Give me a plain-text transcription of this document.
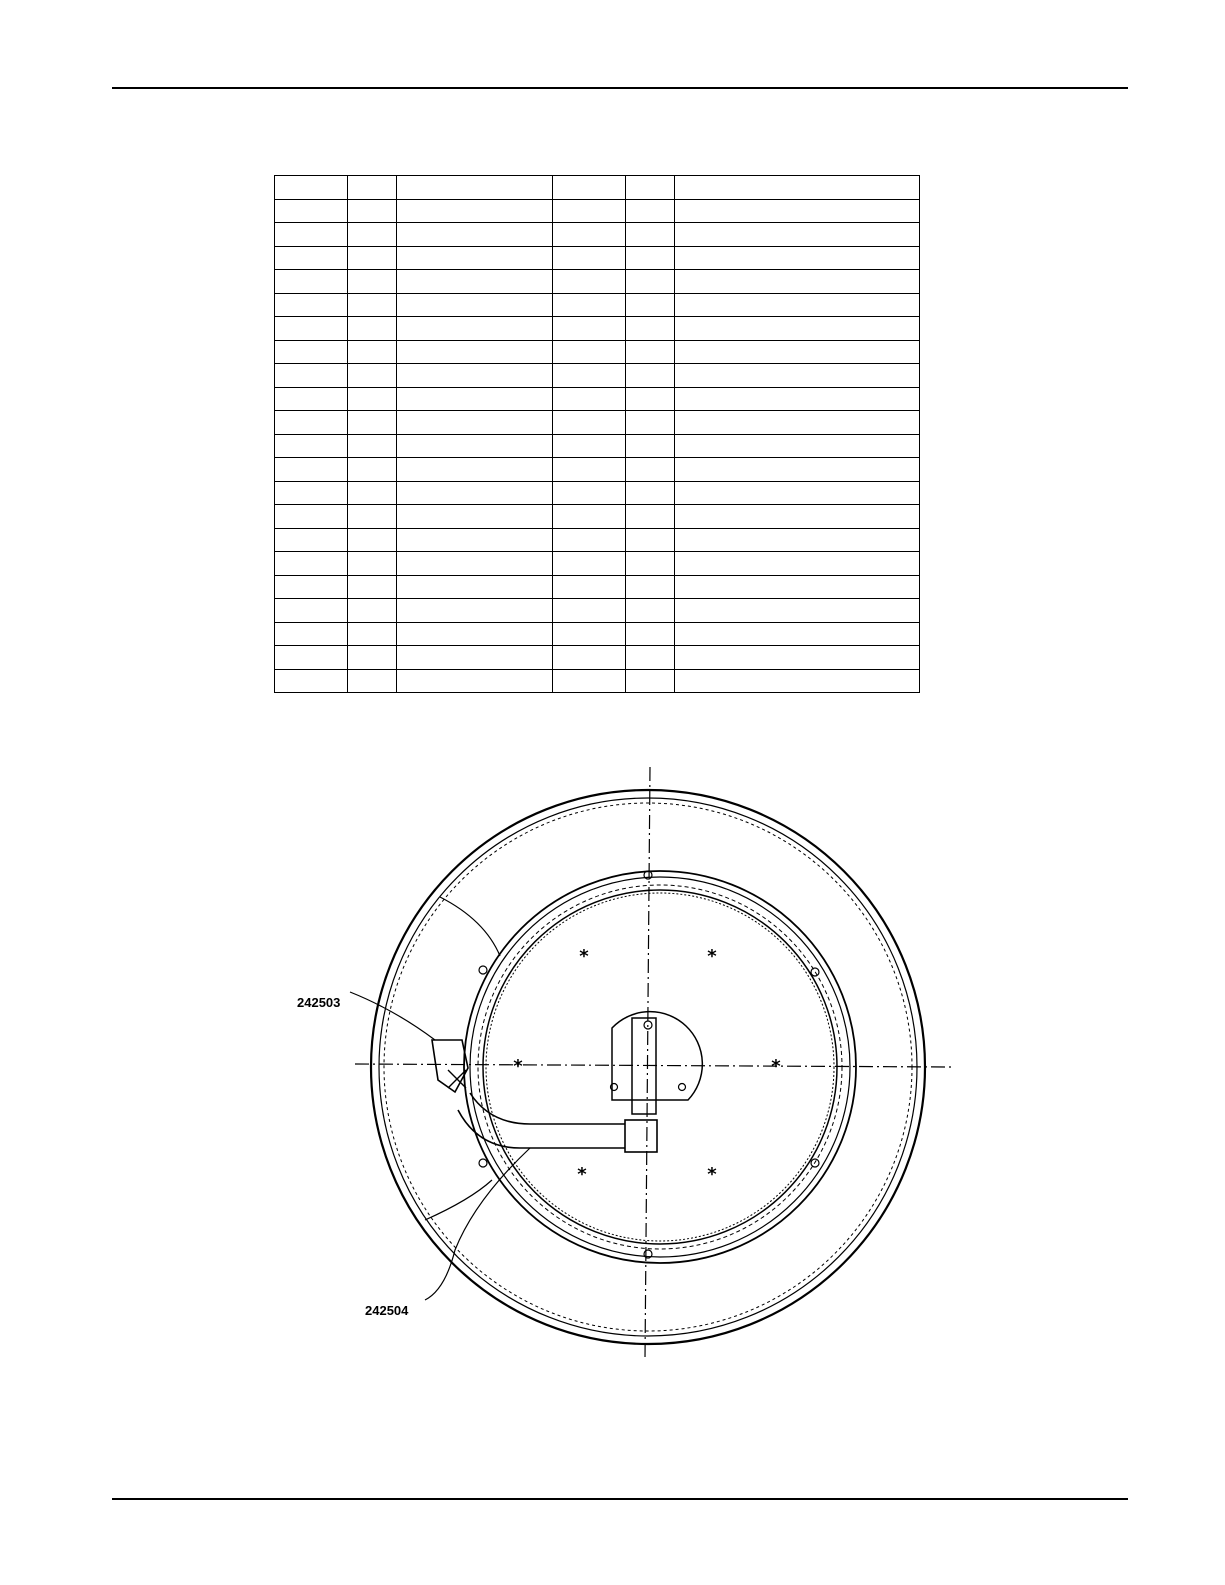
*	*
*	*
*	*
242503
242504
